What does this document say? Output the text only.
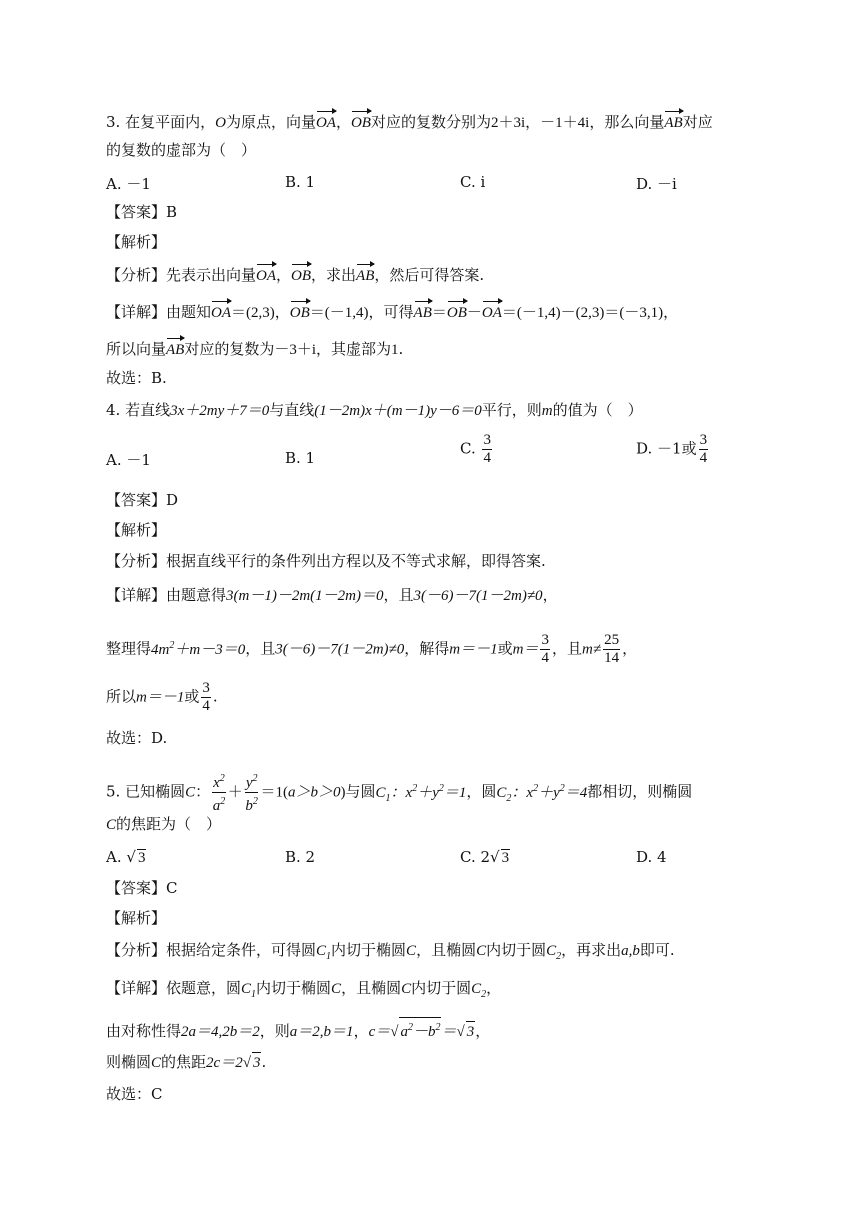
3. 在复平面内，O为原点，向量OA，OB对应的复数分别为2＋3i，－1＋4i，那么向量AB对应
的复数的虚部为（　）
A. －1	B. 1	C. i	D. －i
【答案】B
【解析】
【分析】先表示出向量OA，OB，求出AB，然后可得答案.
【详解】由题知OA＝(2,3)，OB＝(－1,4)，可得AB＝OB－OA＝(－1,4)－(2,3)＝(－3,1)，
所以向量AB对应的复数为－3＋i，其虚部为1.
故选：B.
4. 若直线3x＋2my＋7＝0与直线(1－2m)x＋(m－1)y－6＝0平行，则m的值为（　）
A. －1	B. 1
C. $\frac{3}{4}$	D. －1或 $\frac{3}{4}$
【答案】D
【解析】
【分析】根据直线平行的条件列出方程以及不等式求解，即得答案.
【详解】由题意得3(m－1)－2m(1－2m)＝0，且3(－6)－7(1－2m)≠0，
整理得$4m^2+m-3=0$，且3(－6)－7(1－2m)≠0，解得m＝－1或$m= \frac{3}{4}$ ，且$m\ne \frac{25}{14}$ ，
所以m＝－1或 $\frac{3}{4}$ .
故选：D.
5. 已知椭圆C： $\frac{x^2}{a^2} + \frac{y^2}{b^2} =1(a>b>0)$与圆$C_1$：$x^2+y^2=1$，圆$C_2$：$x^2+y^2=4$都相切，则椭圆
C的焦距为（　）
A. √ 3	B. 2	C. 2√ 3	D. 4
【答案】C
【解析】
【分析】根据给定条件，可得圆$C_1$内切于椭圆C，且椭圆C内切于圆$C_2$，再求出a,b即可.
【详解】依题意，圆$C_1$内切于椭圆C，且椭圆C内切于圆$C_2$，
由对称性得2a＝4,2b＝2，则a＝2,b＝1，c＝√ $a^2-b^2=√$ 3，
则椭圆C的焦距2c＝2√ 3.
故选：C
